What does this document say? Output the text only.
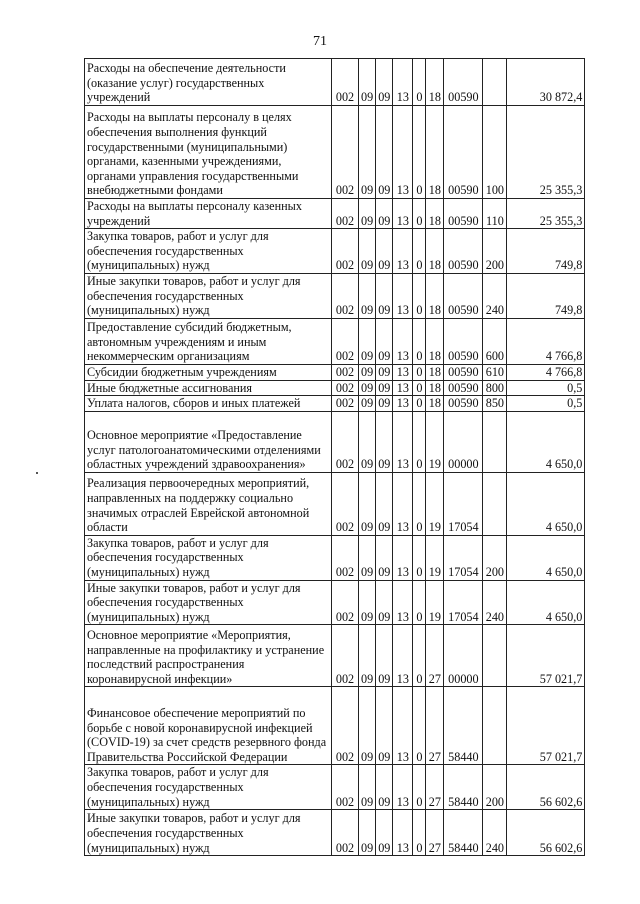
71
Расходы на обеспечение деятельности (оказание услуг) государственных учреждений	002	09	09	13	0	18	00590		30 872,4
Расходы на выплаты персоналу в целях обеспечения выполнения функций государственными (муниципальными) органами, казенными учреждениями, органами управления государственными внебюджетными фондами	002	09	09	13	0	18	00590	100	25 355,3
Расходы на выплаты персоналу казенных учреждений	002	09	09	13	0	18	00590	110	25 355,3
Закупка товаров, работ и услуг для обеспечения государственных (муниципальных) нужд	002	09	09	13	0	18	00590	200	749,8
Иные закупки товаров, работ и услуг для обеспечения государственных (муниципальных) нужд	002	09	09	13	0	18	00590	240	749,8
Предоставление субсидий бюджетным, автономным учреждениям и иным некоммерческим организациям	002	09	09	13	0	18	00590	600	4 766,8
Субсидии бюджетным учреждениям	002	09	09	13	0	18	00590	610	4 766,8
Иные бюджетные ассигнования	002	09	09	13	0	18	00590	800	0,5
Уплата налогов, сборов и иных платежей	002	09	09	13	0	18	00590	850	0,5
Основное мероприятие «Предоставление услуг патологоанатомическими отделениями областных учреждений здравоохранения»	002	09	09	13	0	19	00000		4 650,0
Реализация первоочередных мероприятий, направленных на поддержку социально значимых отраслей Еврейской автономной области	002	09	09	13	0	19	17054		4 650,0
Закупка товаров, работ и услуг для обеспечения государственных (муниципальных) нужд	002	09	09	13	0	19	17054	200	4 650,0
Иные закупки товаров, работ и услуг для обеспечения государственных (муниципальных) нужд	002	09	09	13	0	19	17054	240	4 650,0
Основное мероприятие «Мероприятия, направленные на профилактику и устранение последствий распространения коронавирусной инфекции»	002	09	09	13	0	27	00000		57 021,7
Финансовое обеспечение мероприятий по борьбе с новой коронавирусной инфекцией (COVID-19) за счет средств резервного фонда Правительства Российской Федерации	002	09	09	13	0	27	58440		57 021,7
Закупка товаров, работ и услуг для обеспечения государственных (муниципальных) нужд	002	09	09	13	0	27	58440	200	56 602,6
Иные закупки товаров, работ и услуг для обеспечения государственных (муниципальных) нужд	002	09	09	13	0	27	58440	240	56 602,6
